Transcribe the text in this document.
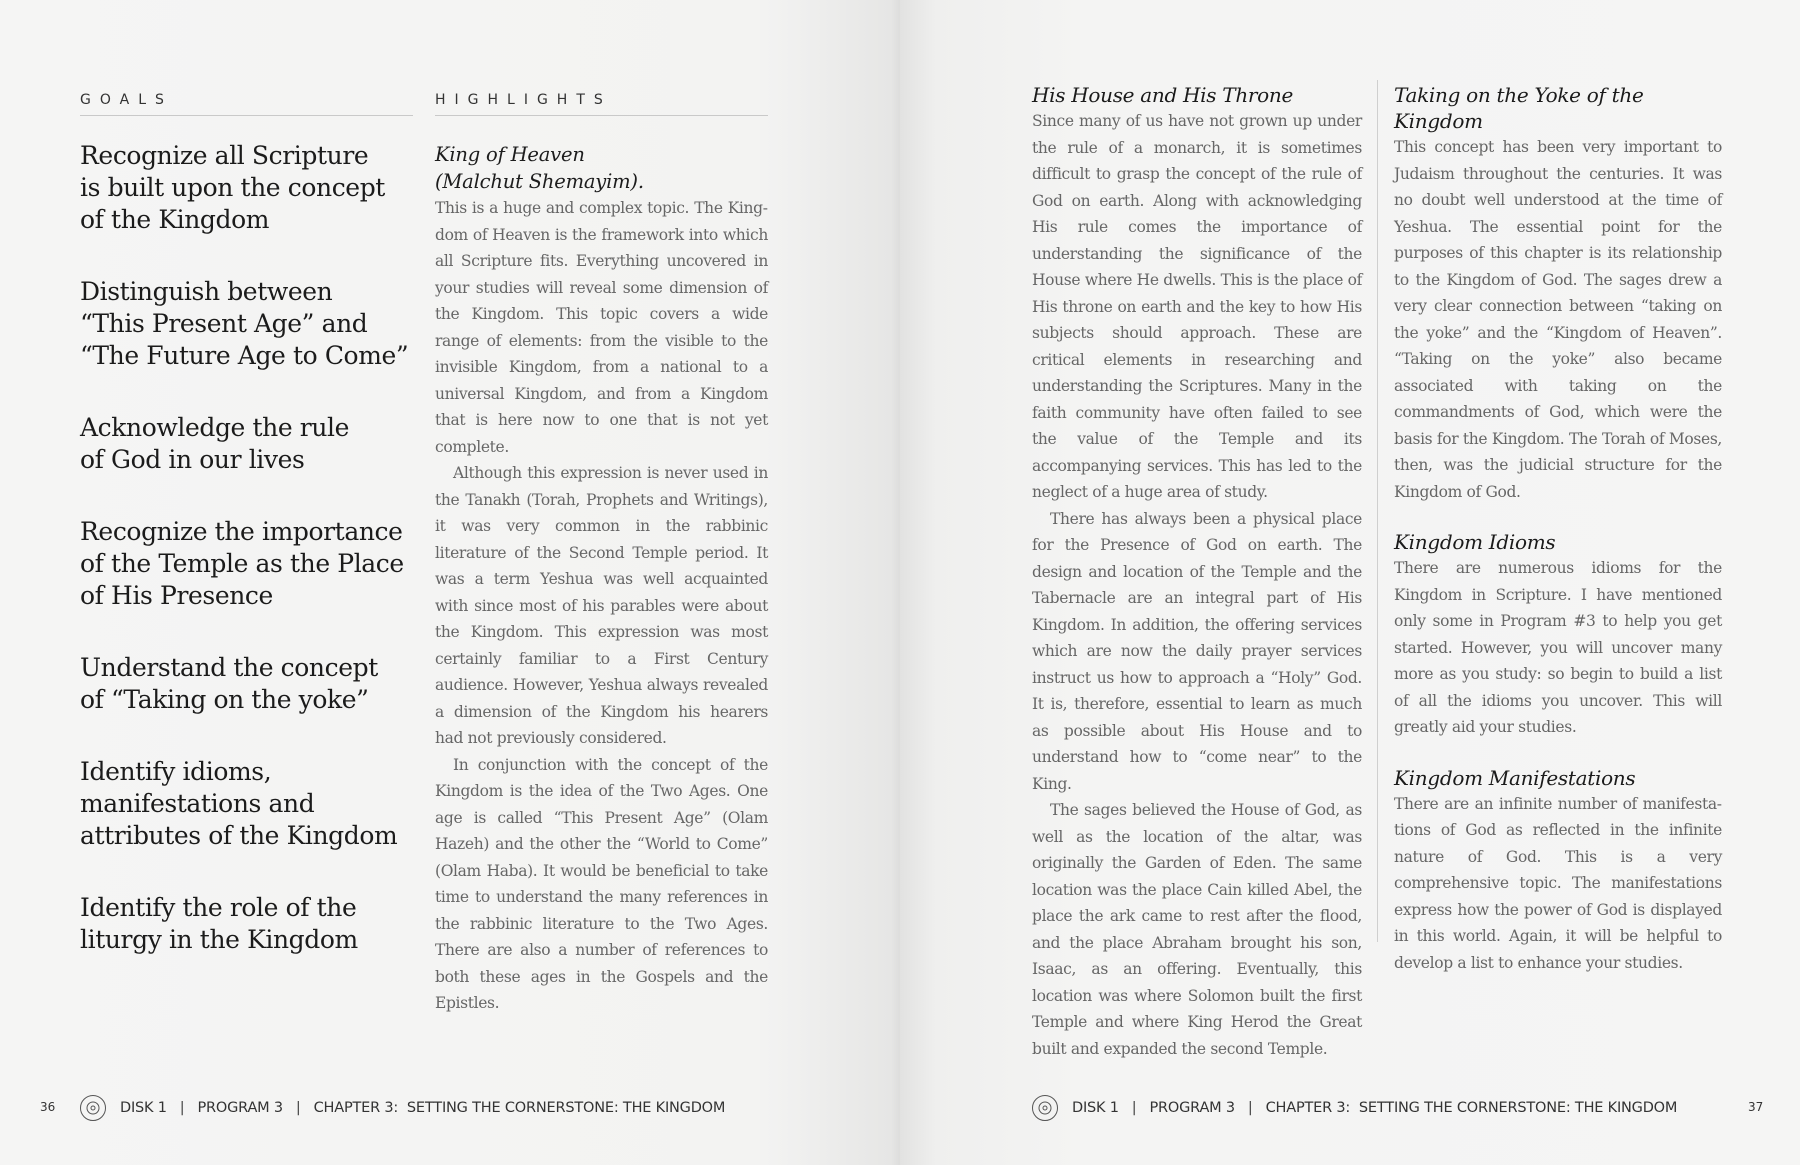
GOALS
Recognize all Scripture
is built upon the concept
of the Kingdom
Distinguish between
“This Present Age” and
“The Future Age to Come”
Acknowledge the rule
of God in our lives
Recognize the importance
of the Temple as the Place
of His Presence
Understand the concept
of “Taking on the yoke”
Identify idioms,
manifestations and
attributes of the Kingdom
Identify the role of the
liturgy in the Kingdom
HIGHLIGHTS
King of Heaven
(Malchut Shemayim).

This is a huge and complex topic. The Kingdom of Heaven is the framework into which all Scripture fits. Everything uncovered in your studies will reveal some dimension of the Kingdom. This topic covers a wide range of elements: from the visible to the invisible Kingdom, from a national to a universal Kingdom, and from a Kingdom that is here now to one that is not yet complete.

Although this expression is never used in the Tanakh (Torah, Prophets and Writings), it was very common in the rabbinic literature of the Second Temple period. It was a term Yeshua was well acquainted with since most of his parables were about the Kingdom. This expression was most certainly familiar to a First Century audience. However, Yeshua always revealed a dimension of the Kingdom his hearers had not previously considered.

In conjunction with the concept of the Kingdom is the idea of the Two Ages. One age is called “This Present Age” (Olam Hazeh) and the other the “World to Come” (Olam Haba). It would be beneficial to take time to understand the many references in the rabbinic literature to the Two Ages. There are also a number of references to both these ages in the Gospels and the Epistles.

36	DISK 1 | PROGRAM 3 | CHAPTER 3:  SETTING THE CORNERSTONE: THE KINGDOM
His House and His Throne

Since many of us have not grown up under the rule of a monarch, it is sometimes difficult to grasp the concept of the rule of God on earth. Along with acknowledging His rule comes the importance of understanding the significance of the House where He dwells. This is the place of His throne on earth and the key to how His subjects should approach. These are critical elements in researching and understanding the Scriptures. Many in the faith community have often failed to see the value of the Temple and its accompanying services. This has led to the neglect of a huge area of study.

There has always been a physical place for the Presence of God on earth. The design and location of the Temple and the Tabernacle are an integral part of His Kingdom. In addition, the offering services which are now the daily prayer services instruct us how to approach a “Holy” God. It is, therefore, essential to learn as much as possible about His House and to understand how to “come near” to the King.

The sages believed the House of God, as well as the location of the altar, was originally the Garden of Eden. The same location was the place Cain killed Abel, the place the ark came to rest after the flood, and the place Abraham brought his son, Isaac, as an offering. Eventually, this location was where Solomon built the first Temple and where King Herod the Great built and expanded the second Temple.

Taking on the Yoke of the Kingdom

This concept has been very important to Judaism throughout the centuries. It was no doubt well understood at the time of Yeshua. The essential point for the purposes of this chapter is its relationship to the Kingdom of God. The sages drew a very clear connection between “taking on the yoke” and the “Kingdom of Heaven”. “Taking on the yoke” also became associated with taking on the commandments of God, which were the basis for the Kingdom. The Torah of Moses, then, was the judicial structure for the Kingdom of God.

Kingdom Idioms

There are numerous idioms for the Kingdom in Scripture. I have mentioned only some in Program #3 to help you get started. However, you will uncover many more as you study: so begin to build a list of all the idioms you uncover. This will greatly aid your studies.

Kingdom Manifestations

There are an infinite number of manifestations of God as reflected in the infinite nature of God. This is a very comprehensive topic. The manifestations express how the power of God is displayed in this world. Again, it will be helpful to develop a list to enhance your studies.

DISK 1 | PROGRAM 3 | CHAPTER 3:  SETTING THE CORNERSTONE: THE KINGDOM	37
